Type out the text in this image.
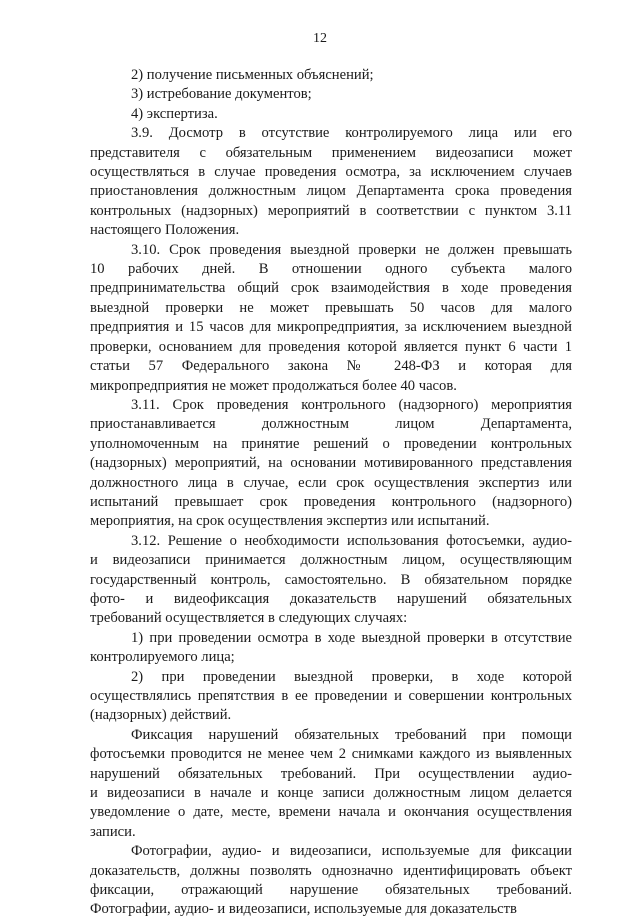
12
2) получение письменных объяснений;
3) истребование документов;
4) экспертиза.
3.9. Досмотр в отсутствие контролируемого лица или его
представителя с обязательным применением видеозаписи может
осуществляться в случае проведения осмотра, за исключением случаев
приостановления должностным лицом Департамента срока проведения
контрольных (надзорных) мероприятий в соответствии с пунктом 3.11
настоящего Положения.
3.10. Срок проведения выездной проверки не должен превышать
10 рабочих дней. В отношении одного субъекта малого
предпринимательства общий срок взаимодействия в ходе проведения
выездной проверки не может превышать 50 часов для малого
предприятия и 15 часов для микропредприятия, за исключением выездной
проверки, основанием для проведения которой является пункт 6 части 1
статьи 57 Федерального закона № 248-ФЗ и которая для
микропредприятия не может продолжаться более 40 часов.
3.11. Срок проведения контрольного (надзорного) мероприятия
приостанавливается должностным лицом Департамента,
уполномоченным на принятие решений о проведении контрольных
(надзорных) мероприятий, на основании мотивированного представления
должностного лица в случае, если срок осуществления экспертиз или
испытаний превышает срок проведения контрольного (надзорного)
мероприятия, на срок осуществления экспертиз или испытаний.
3.12. Решение о необходимости использования фотосъемки, аудио-
и видеозаписи принимается должностным лицом, осуществляющим
государственный контроль, самостоятельно. В обязательном порядке
фото- и видеофиксация доказательств нарушений обязательных
требований осуществляется в следующих случаях:
1) при проведении осмотра в ходе выездной проверки в отсутствие
контролируемого лица;
2) при проведении выездной проверки, в ходе которой
осуществлялись препятствия в ее проведении и совершении контрольных
(надзорных) действий.
Фиксация нарушений обязательных требований при помощи
фотосъемки проводится не менее чем 2 снимками каждого из выявленных
нарушений обязательных требований. При осуществлении аудио-
и видеозаписи в начале и конце записи должностным лицом делается
уведомление о дате, месте, времени начала и окончания осуществления
записи.
Фотографии, аудио- и видеозаписи, используемые для фиксации
доказательств, должны позволять однозначно идентифицировать объект
фиксации, отражающий нарушение обязательных требований.
Фотографии, аудио- и видеозаписи, используемые для доказательств
